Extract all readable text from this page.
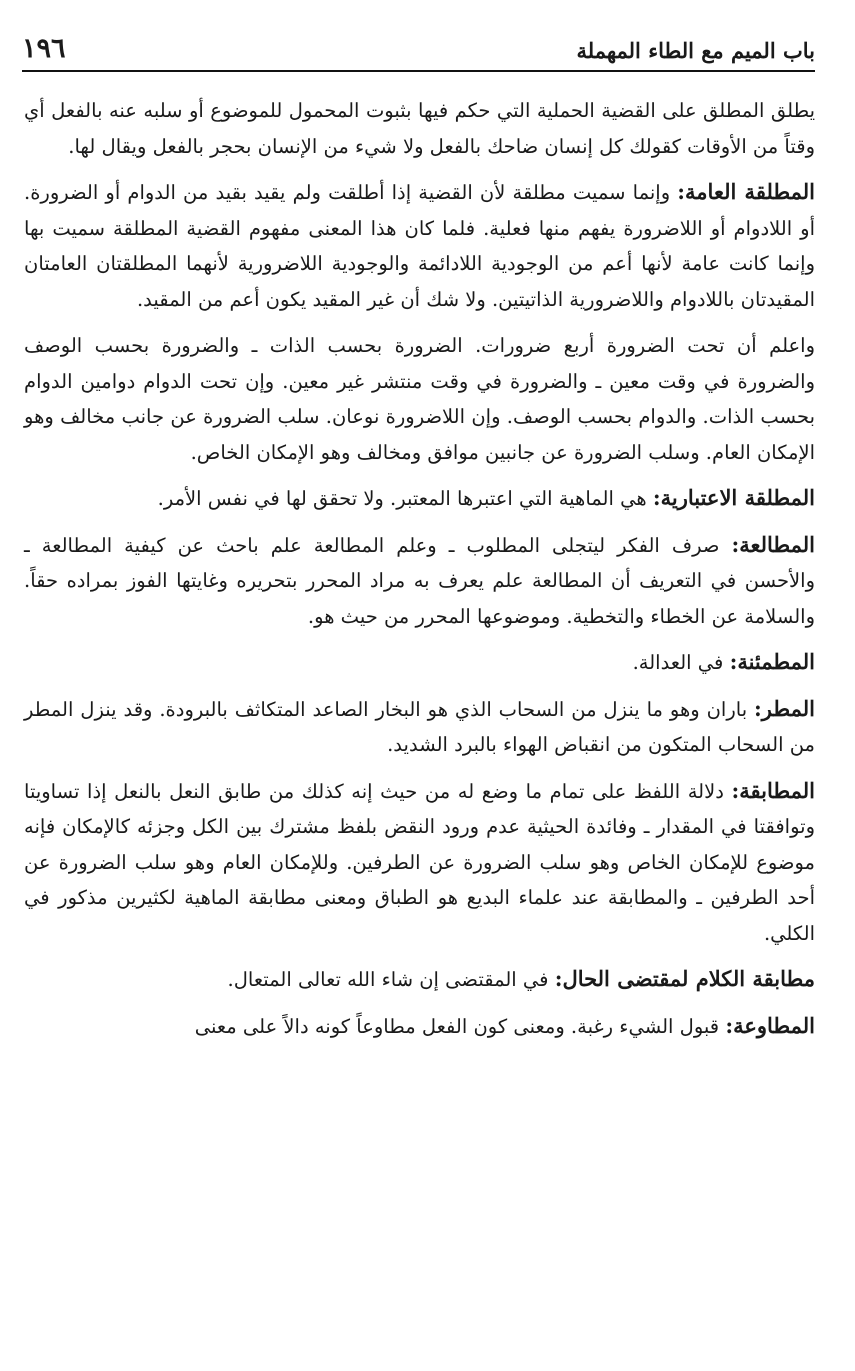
١٩٦	باب الميم مع الطاء المهملة

يطلق المطلق على القضية الحملية التي حكم فيها بثبوت المحمول للموضوع أو سلبه عنه بالفعل أي وقتاً من الأوقات كقولك كل إنسان ضاحك بالفعل ولا شيء من الإنسان بحجر بالفعل ويقال لها.

المطلقة العامة: وإنما سميت مطلقة لأن القضية إذا أطلقت ولم يقيد بقيد من الدوام أو الضرورة. أو اللادوام أو اللاضرورة يفهم منها فعلية. فلما كان هذا المعنى مفهوم القضية المطلقة سميت بها وإنما كانت عامة لأنها أعم من الوجودية اللادائمة والوجودية اللاضرورية لأنهما المطلقتان العامتان المقيدتان باللادوام واللاضرورية الذاتيتين. ولا شك أن غير المقيد يكون أعم من المقيد.

واعلم أن تحت الضرورة أربع ضرورات. الضرورة بحسب الذات ـ والضرورة بحسب الوصف والضرورة في وقت معين ـ والضرورة في وقت منتشر غير معين. وإن تحت الدوام دوامين الدوام بحسب الذات. والدوام بحسب الوصف. وإن اللاضرورة نوعان. سلب الضرورة عن جانب مخالف وهو الإمكان العام. وسلب الضرورة عن جانبين موافق ومخالف وهو الإمكان الخاص.

المطلقة الاعتبارية: هي الماهية التي اعتبرها المعتبر. ولا تحقق لها في نفس الأمر.

المطالعة: صرف الفكر ليتجلى المطلوب ـ وعلم المطالعة علم باحث عن كيفية المطالعة ـ والأحسن في التعريف أن المطالعة علم يعرف به مراد المحرر بتحريره وغايتها الفوز بمراده حقاً. والسلامة عن الخطاء والتخطية. وموضوعها المحرر من حيث هو.

المطمئنة: في العدالة.

المطر: باران وهو ما ينزل من السحاب الذي هو البخار الصاعد المتكاثف بالبرودة. وقد ينزل المطر من السحاب المتكون من انقباض الهواء بالبرد الشديد.

المطابقة: دلالة اللفظ على تمام ما وضع له من حيث إنه كذلك من طابق النعل بالنعل إذا تساويتا وتوافقتا في المقدار ـ وفائدة الحيثية عدم ورود النقض بلفظ مشترك بين الكل وجزئه كالإمكان فإنه موضوع للإمكان الخاص وهو سلب الضرورة عن الطرفين. وللإمكان العام وهو سلب الضرورة عن أحد الطرفين ـ والمطابقة عند علماء البديع هو الطباق ومعنى مطابقة الماهية لكثيرين مذكور في الكلي.

مطابقة الكلام لمقتضى الحال: في المقتضى إن شاء الله تعالى المتعال.

المطاوعة: قبول الشيء رغبة. ومعنى كون الفعل مطاوعاً كونه دالاً على معنى
